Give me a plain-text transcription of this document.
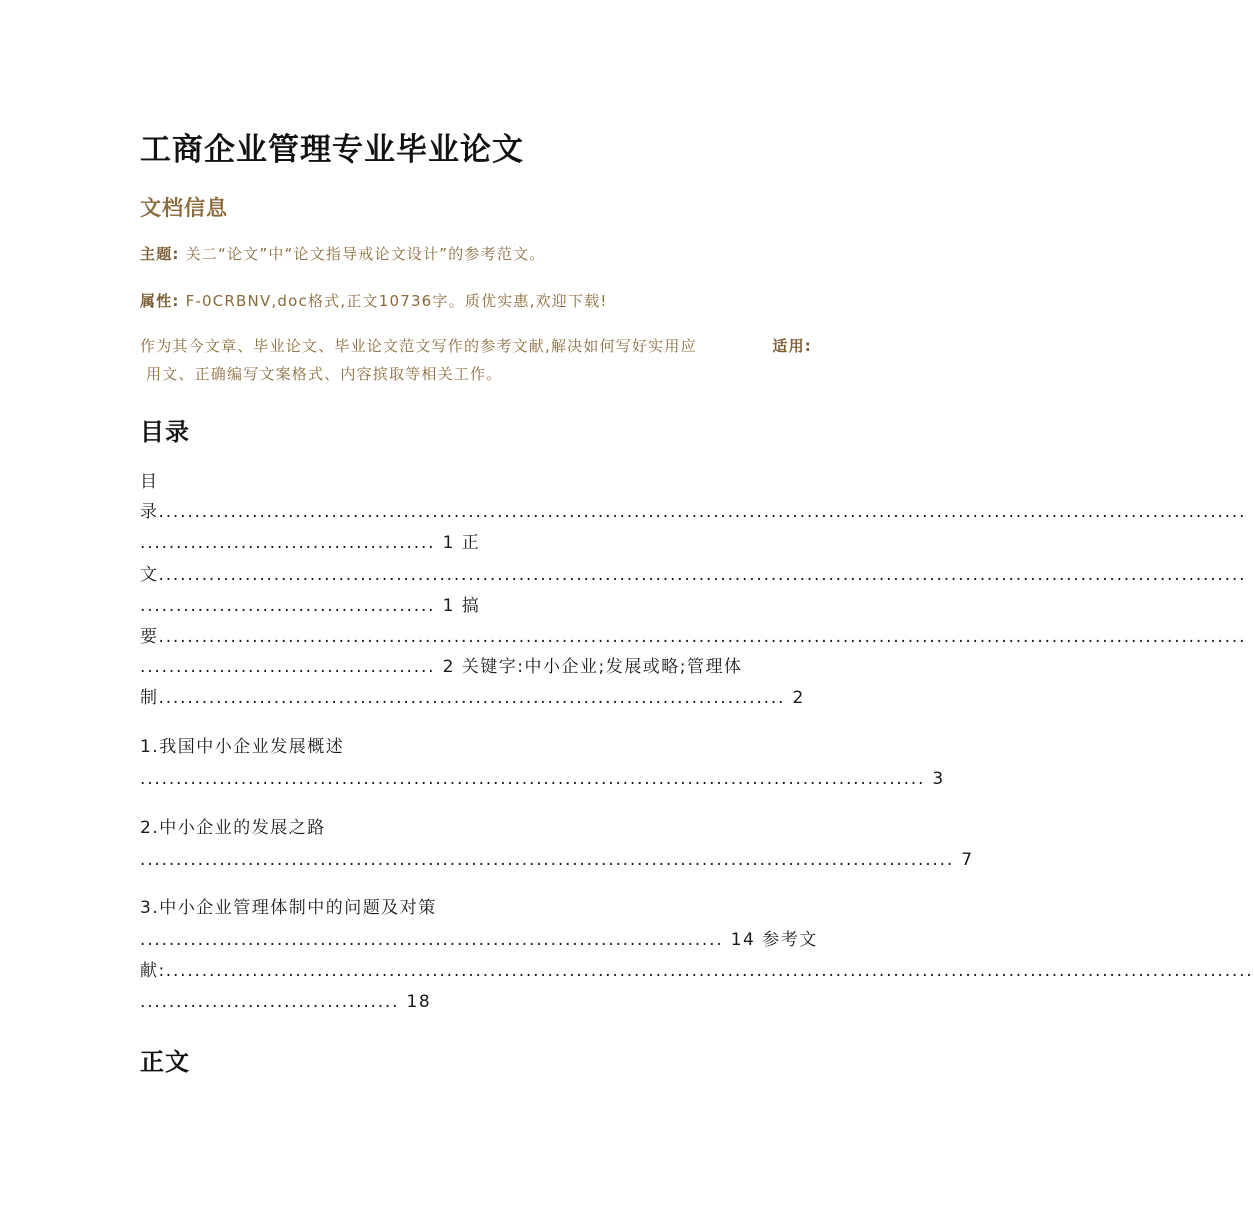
工商企业管理专业毕业论文
文档信息
主题: 关二“论文”中“论文指导戒论文设计”的参考范文。
属性: F-0CRBNV,doc格式,正文10736字。质优实惠,欢迎下载!
适用:
作为其今文章、毕业论文、毕业论文范文写作的参考文献,解决如何写好实用应
用文、正确编写文案格式、内容摈取等相关工作。
目录
目
录.......................................................................................................................................................
......................................... 1 正
文.......................................................................................................................................................
......................................... 1 搞
要.......................................................................................................................................................
......................................... 2 关键字:中小企业;发展或略;管理体
制....................................................................................... 2
1.我国中小企业发展概述
............................................................................................................. 3
2.中小企业的发展之路
................................................................................................................. 7
3.中小企业管理体制中的问题及对策
................................................................................. 14 参考文
献:.......................................................................................................................................................
.................................... 18
正文
